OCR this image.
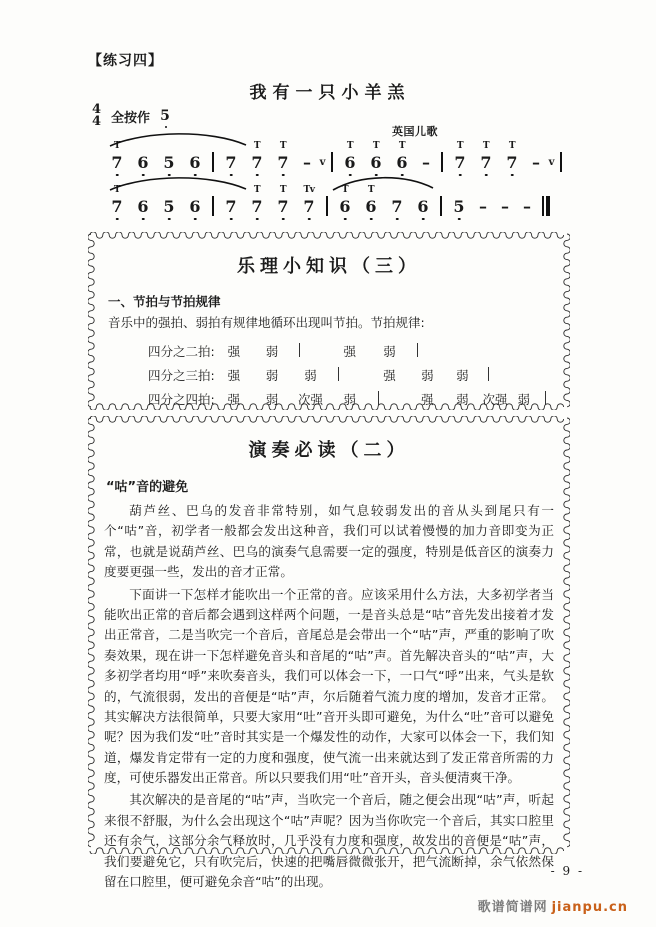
【练习四】
我有一只小羊羔
4
4 全按作 5
英国儿歌
T
7 6 5 6	7
T
7
T
7 – v
T
6
T
6
T
6 –
T
7
T
7
T
7 – v
T
7 6 5 6	7
T
7
T
7
Tv
7
T
6
T
6 7 6	5 – – –
乐理小知识（三）
一、节拍与节拍规律
音乐中的强拍、弱拍有规律地循环出现叫节拍。节拍规律:
四分之二拍:	强	弱		强	弱					
四分之三拍:	强	弱	弱		强	弱	弱			
四分之四拍:	强	弱	次强	弱		强	弱	次强	弱	
演奏必读（二）
“咕”音的避免

葫芦丝、巴乌的发音非常特别，如气息较弱发出的音从头到尾只有一个“咕”音，初学者一般都会发出这种音，我们可以试着慢慢的加力音即变为正常，也就是说葫芦丝、巴乌的演奏气息需要一定的强度，特别是低音区的演奏力度要更强一些，发出的音才正常。

下面讲一下怎样才能吹出一个正常的音。应该采用什么方法，大多初学者当能吹出正常的音后都会遇到这样两个问题，一是音头总是“咕”音先发出接着才发出正常音，二是当吹完一个音后，音尾总是会带出一个“咕”声，严重的影响了吹奏效果，现在讲一下怎样避免音头和音尾的“咕”声。首先解决音头的“咕”声，大多初学者均用“呼”来吹奏音头，我们可以体会一下，一口气“呼”出来，气头是软的，气流很弱，发出的音便是“咕”声，尔后随着气流力度的增加，发音才正常。其实解决方法很简单，只要大家用“吐”音开头即可避免，为什么“吐”音可以避免呢？因为我们发“吐”音时其实是一个爆发性的动作，大家可以体会一下，我们知道，爆发肯定带有一定的力度和强度，使气流一出来就达到了发正常音所需的力度，可使乐器发出正常音。所以只要我们用“吐”音开头，音头便清爽干净。

其次解决的是音尾的“咕”声，当吹完一个音后，随之便会出现“咕”声，听起来很不舒服，为什么会出现这个“咕”声呢？因为当你吹完一个音后，其实口腔里还有余气，这部分余气释放时，几乎没有力度和强度，故发出的音便是“咕”声，我们要避免它，只有吹完后，快速的把嘴唇微微张开，把气流断掉，余气依然保留在口腔里，便可避免余音“咕”的出现。

- 9 -
歌谱简谱网 jianpu.cn
